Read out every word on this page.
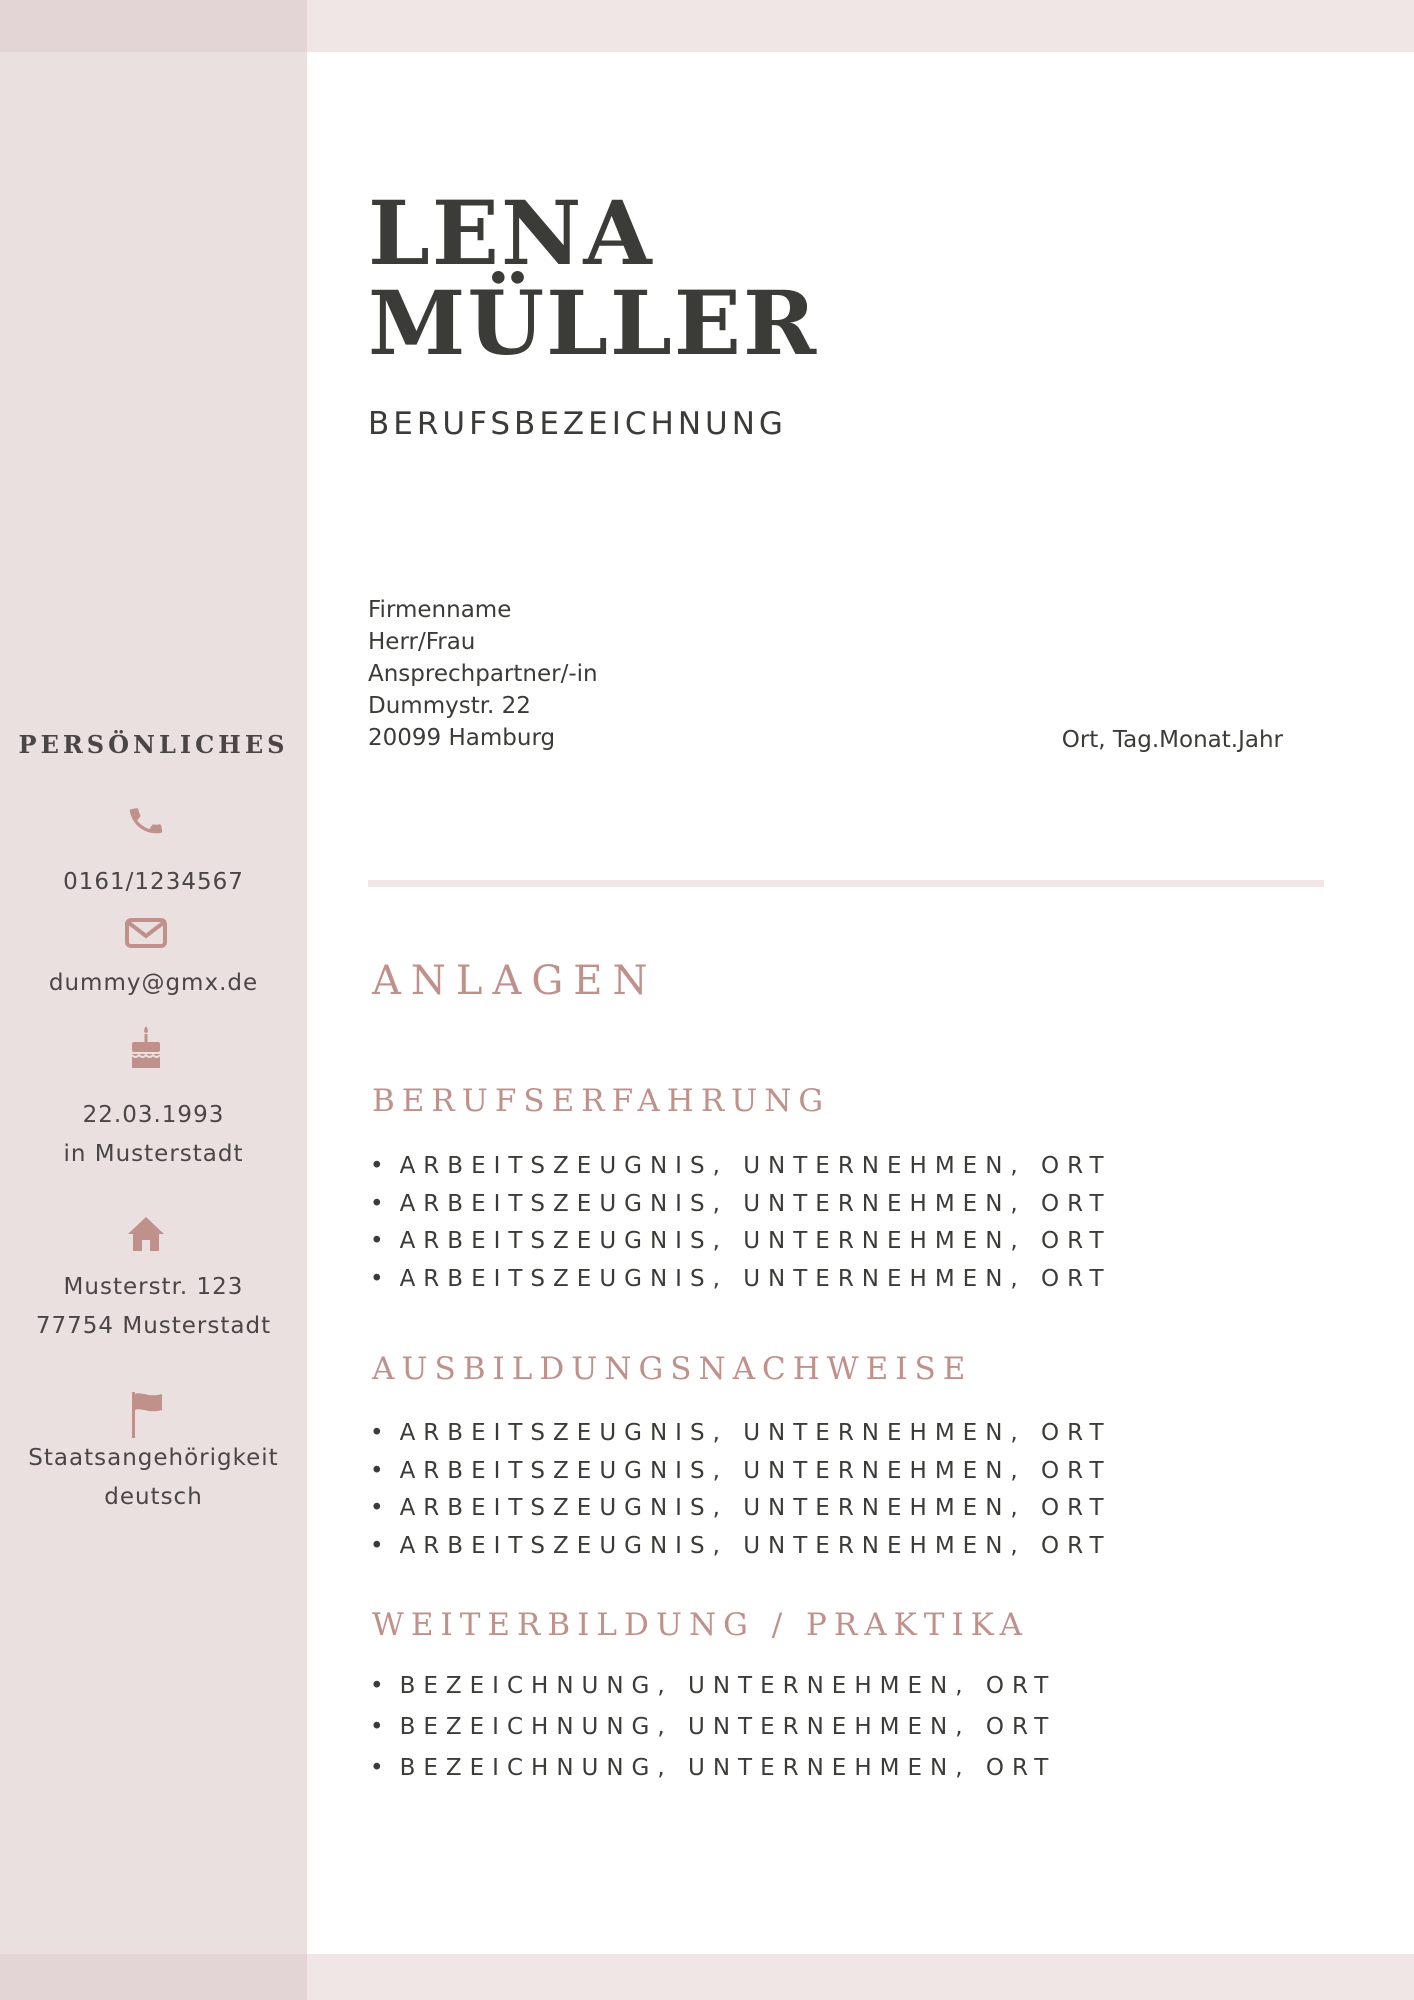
PERSÖNLICHES
0161/1234567
dummy@gmx.de
22.03.1993
in Musterstadt
Musterstr. 123
77754 Musterstadt
Staatsangehörigkeit
deutsch
LENA
MÜLLER
BERUFSBEZEICHNUNG
Firmenname
Herr/Frau
Ansprechpartner/-in
Dummystr. 22
20099 Hamburg	Ort, Tag.Monat.Jahr
ANLAGEN
BERUFSERFAHRUNG
• ARBEITSZEUGNIS, UNTERNEHMEN, ORT
• ARBEITSZEUGNIS, UNTERNEHMEN, ORT
• ARBEITSZEUGNIS, UNTERNEHMEN, ORT
• ARBEITSZEUGNIS, UNTERNEHMEN, ORT
AUSBILDUNGSNACHWEISE
• ARBEITSZEUGNIS, UNTERNEHMEN, ORT
• ARBEITSZEUGNIS, UNTERNEHMEN, ORT
• ARBEITSZEUGNIS, UNTERNEHMEN, ORT
• ARBEITSZEUGNIS, UNTERNEHMEN, ORT
WEITERBILDUNG / PRAKTIKA
• BEZEICHNUNG, UNTERNEHMEN, ORT
• BEZEICHNUNG, UNTERNEHMEN, ORT
• BEZEICHNUNG, UNTERNEHMEN, ORT
